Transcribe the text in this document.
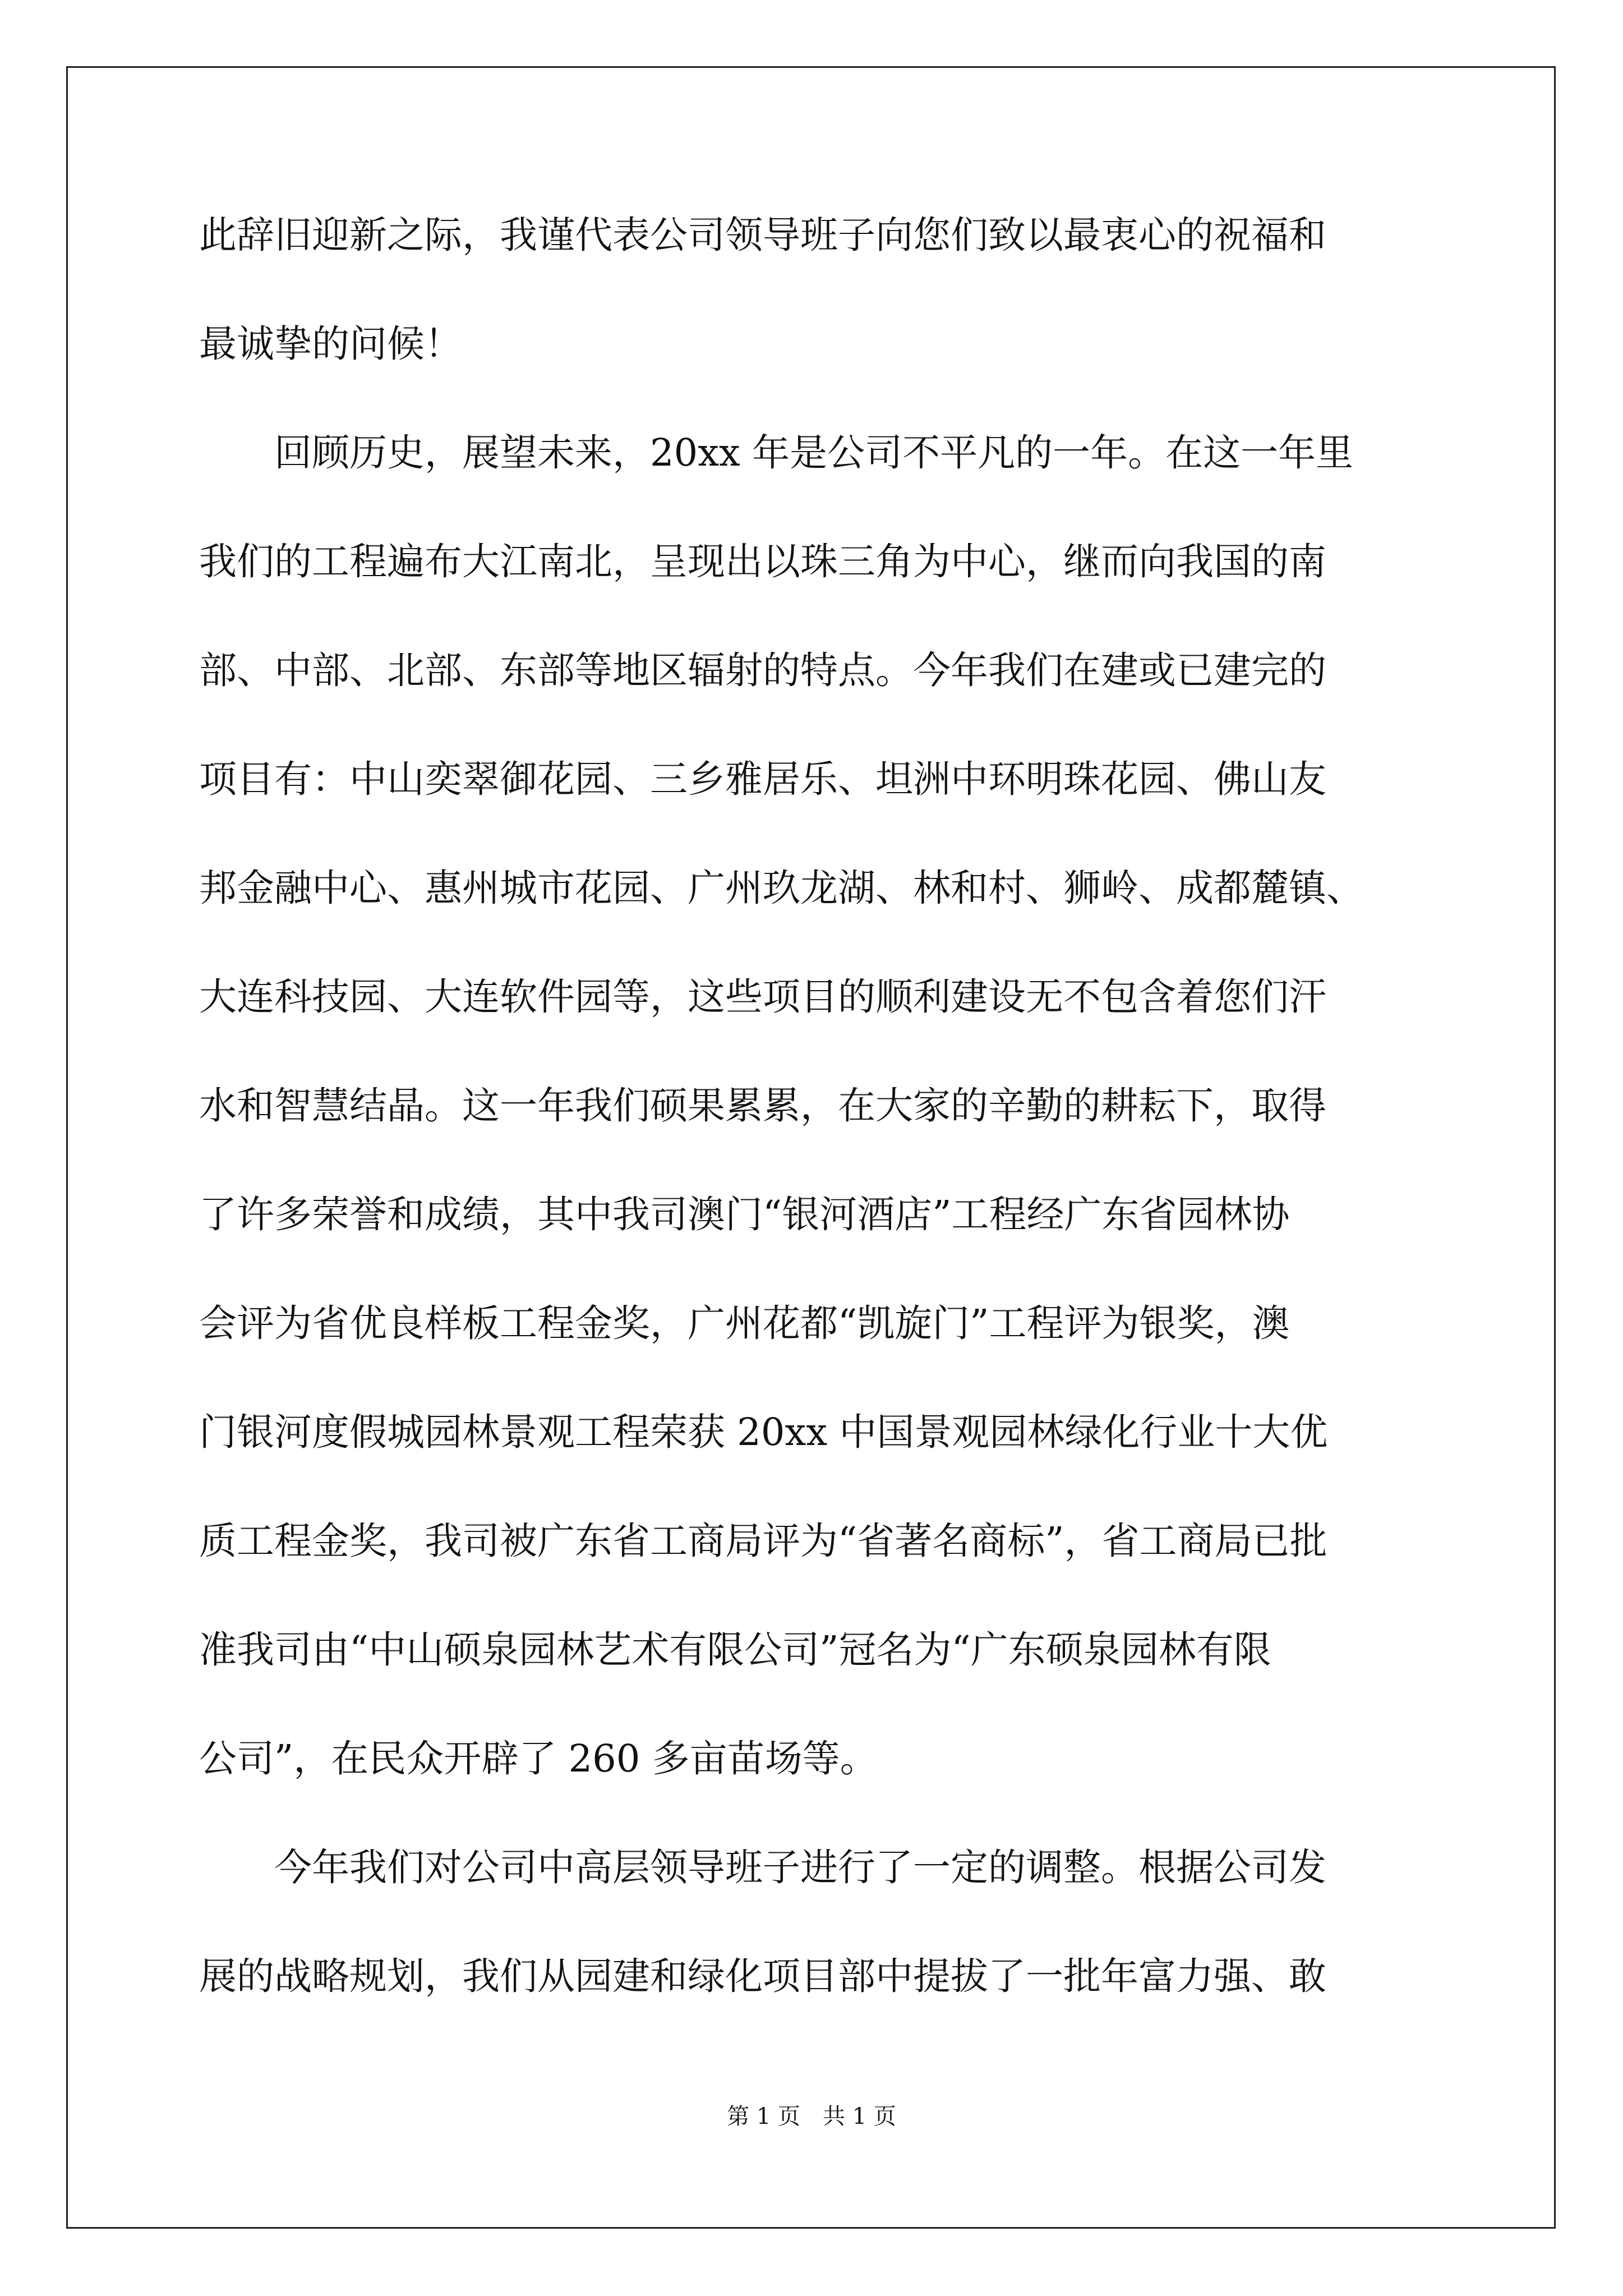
此辞旧迎新之际，我谨代表公司领导班子向您们致以最衷心的祝福和
最诚挚的问候！
　　回顾历史，展望未来，20xx 年是公司不平凡的一年。在这一年里
我们的工程遍布大江南北，呈现出以珠三角为中心，继而向我国的南
部、中部、北部、东部等地区辐射的特点。今年我们在建或已建完的
项目有：中山奕翠御花园、三乡雅居乐、坦洲中环明珠花园、佛山友
邦金融中心、惠州城市花园、广州玖龙湖、林和村、狮岭、成都麓镇、
大连科技园、大连软件园等，这些项目的顺利建设无不包含着您们汗
水和智慧结晶。这一年我们硕果累累，在大家的辛勤的耕耘下，取得
了许多荣誉和成绩，其中我司澳门“银河酒店”工程经广东省园林协
会评为省优良样板工程金奖，广州花都“凯旋门”工程评为银奖，澳
门银河度假城园林景观工程荣获 20xx 中国景观园林绿化行业十大优
质工程金奖，我司被广东省工商局评为“省著名商标”，省工商局已批
准我司由“中山硕泉园林艺术有限公司”冠名为“广东硕泉园林有限
公司”，在民众开辟了 260 多亩苗场等。
　　今年我们对公司中高层领导班子进行了一定的调整。根据公司发
展的战略规划，我们从园建和绿化项目部中提拔了一批年富力强、敢
第 1 页　共 1 页
